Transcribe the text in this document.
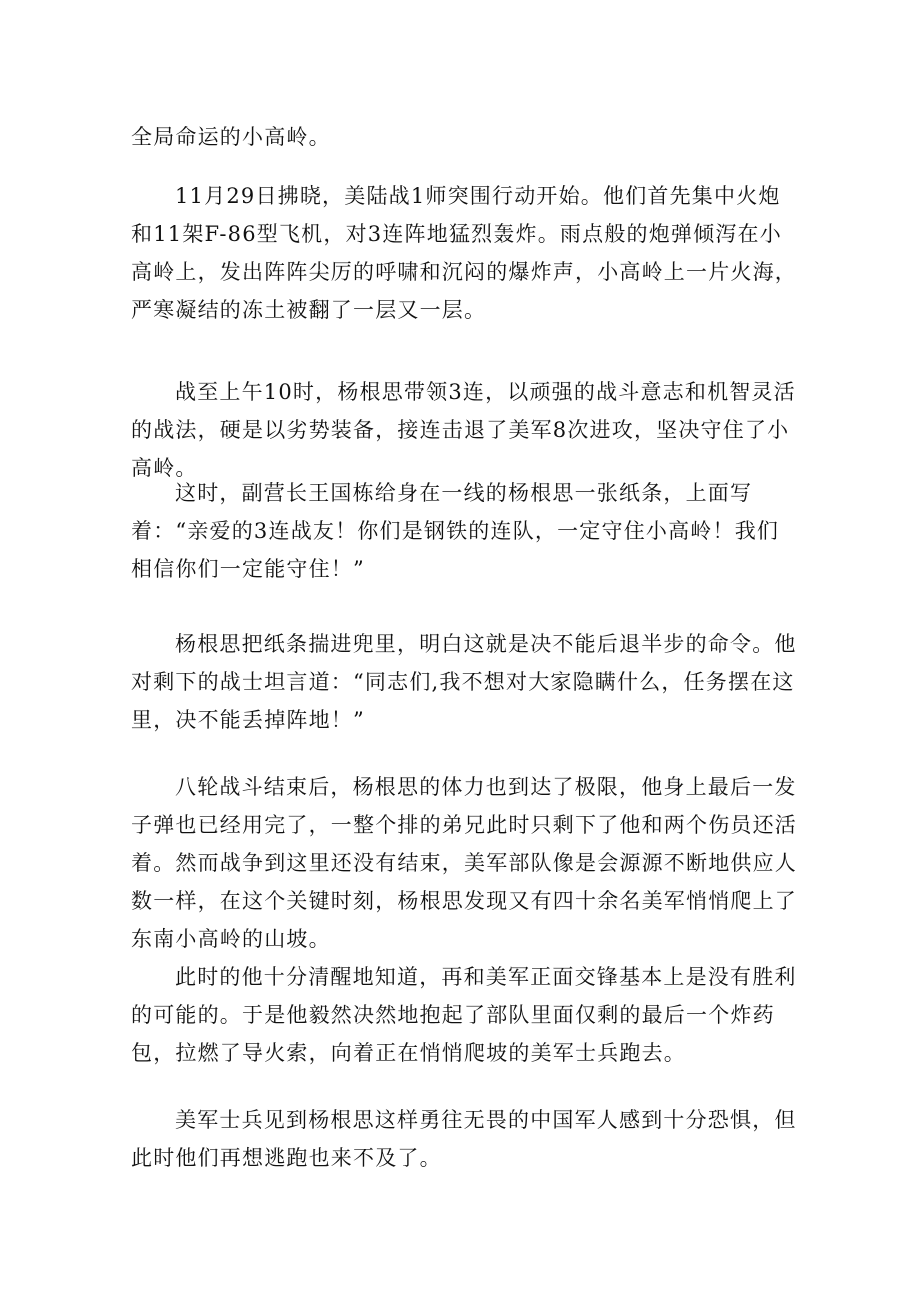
全局命运的小高岭。

11月29日拂晓，美陆战1师突围行动开始。他们首先集中火炮和11架F-86型飞机，对3连阵地猛烈轰炸。雨点般的炮弹倾泻在小高岭上，发出阵阵尖厉的呼啸和沉闷的爆炸声，小高岭上一片火海，严寒凝结的冻土被翻了一层又一层。

战至上午10时，杨根思带领3连，以顽强的战斗意志和机智灵活的战法，硬是以劣势装备，接连击退了美军8次进攻，坚决守住了小高岭。

这时，副营长王国栋给身在一线的杨根思一张纸条，上面写着：“亲爱的3连战友！你们是钢铁的连队，一定守住小高岭！我们相信你们一定能守住！”

杨根思把纸条揣进兜里，明白这就是决不能后退半步的命令。他对剩下的战士坦言道：“同志们,我不想对大家隐瞒什么，任务摆在这里，决不能丢掉阵地！”

八轮战斗结束后，杨根思的体力也到达了极限，他身上最后一发子弹也已经用完了，一整个排的弟兄此时只剩下了他和两个伤员还活着。然而战争到这里还没有结束，美军部队像是会源源不断地供应人数一样，在这个关键时刻，杨根思发现又有四十余名美军悄悄爬上了东南小高岭的山坡。

此时的他十分清醒地知道，再和美军正面交锋基本上是没有胜利的可能的。于是他毅然决然地抱起了部队里面仅剩的最后一个炸药包，拉燃了导火索，向着正在悄悄爬坡的美军士兵跑去。

美军士兵见到杨根思这样勇往无畏的中国军人感到十分恐惧，但此时他们再想逃跑也来不及了。
